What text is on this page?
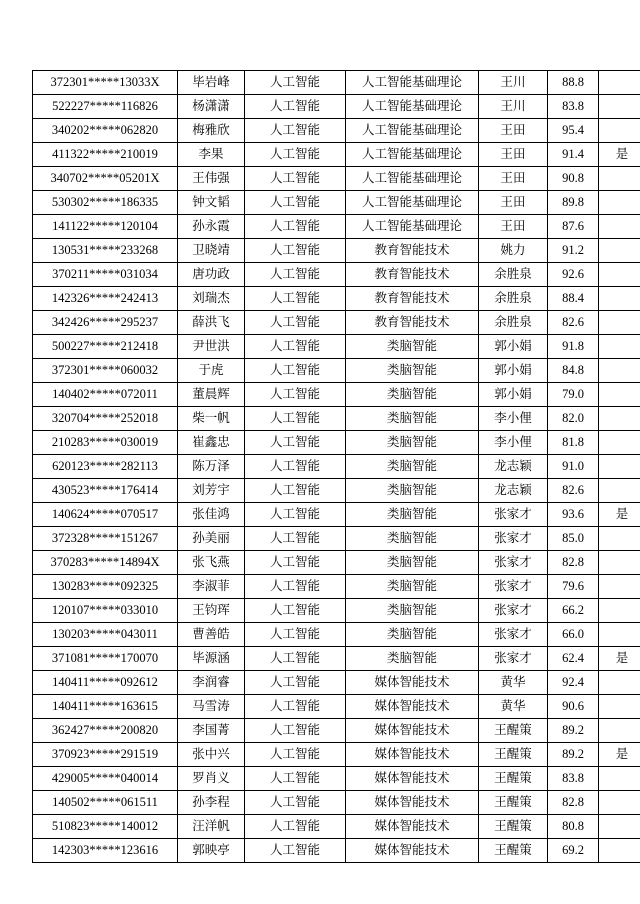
372301*****13033X	毕岩峰	人工智能	人工智能基础理论	王川	88.8	
522227*****116826	杨潇潇	人工智能	人工智能基础理论	王川	83.8	
340202*****062820	梅雅欣	人工智能	人工智能基础理论	王田	95.4	
411322*****210019	李果	人工智能	人工智能基础理论	王田	91.4	是
340702*****05201X	王伟强	人工智能	人工智能基础理论	王田	90.8	
530302*****186335	钟文韬	人工智能	人工智能基础理论	王田	89.8	
141122*****120104	孙永霞	人工智能	人工智能基础理论	王田	87.6	
130531*****233268	卫晓靖	人工智能	教育智能技术	姚力	91.2	
370211*****031034	唐功政	人工智能	教育智能技术	余胜泉	92.6	
142326*****242413	刘瑞杰	人工智能	教育智能技术	余胜泉	88.4	
342426*****295237	薛洪飞	人工智能	教育智能技术	余胜泉	82.6	
500227*****212418	尹世洪	人工智能	类脑智能	郭小娟	91.8	
372301*****060032	于虎	人工智能	类脑智能	郭小娟	84.8	
140402*****072011	董晨辉	人工智能	类脑智能	郭小娟	79.0	
320704*****252018	柴一帆	人工智能	类脑智能	李小俚	82.0	
210283*****030019	崔鑫忠	人工智能	类脑智能	李小俚	81.8	
620123*****282113	陈万泽	人工智能	类脑智能	龙志颖	91.0	
430523*****176414	刘芳宇	人工智能	类脑智能	龙志颖	82.6	
140624*****070517	张佳鸿	人工智能	类脑智能	张家才	93.6	是
372328*****151267	孙美丽	人工智能	类脑智能	张家才	85.0	
370283*****14894X	张飞燕	人工智能	类脑智能	张家才	82.8	
130283*****092325	李淑菲	人工智能	类脑智能	张家才	79.6	
120107*****033010	王钧珲	人工智能	类脑智能	张家才	66.2	
130203*****043011	曹善皓	人工智能	类脑智能	张家才	66.0	
371081*****170070	毕源涵	人工智能	类脑智能	张家才	62.4	是
140411*****092612	李润睿	人工智能	媒体智能技术	黄华	92.4	
140411*****163615	马雪涛	人工智能	媒体智能技术	黄华	90.6	
362427*****200820	李国菁	人工智能	媒体智能技术	王醒策	89.2	
370923*****291519	张中兴	人工智能	媒体智能技术	王醒策	89.2	是
429005*****040014	罗肖义	人工智能	媒体智能技术	王醒策	83.8	
140502*****061511	孙李程	人工智能	媒体智能技术	王醒策	82.8	
510823*****140012	汪洋帆	人工智能	媒体智能技术	王醒策	80.8	
142303*****123616	郭映亭	人工智能	媒体智能技术	王醒策	69.2	
